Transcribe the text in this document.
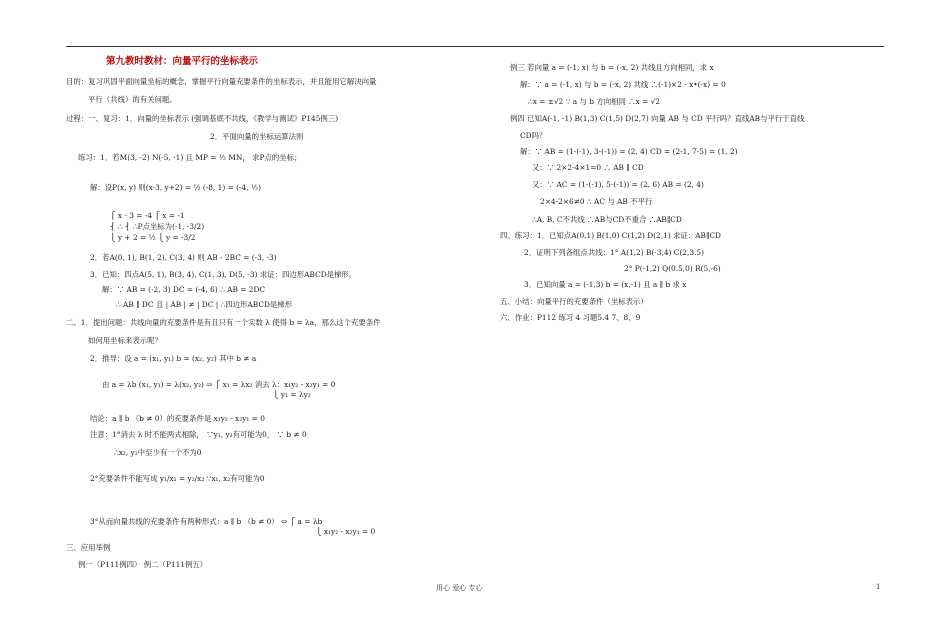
第九教时教材：向量平行的坐标表示
目的：复习巩固平面向量坐标的概念，掌握平行向量充要条件的坐标表示，并且能用它解决向量
平行（共线）的有关问题。
过程：一、复习：1．向量的坐标表示 (强调基底不共线，《教学与测试》P145例三)
2．平面向量的坐标运算法则
练习：1．若M(3, -2) N(-5, -1) 且 MP = ½ MN， 求P点的坐标；
解：设P(x, y) 则(x-3, y+2) = ½ (-8, 1) = (-4, ½)
⎧ x - 3 = -4 ⎧ x = -1
⎨ ∴ ⎨ ∴P点坐标为(-1, -3/2)
⎩ y + 2 = ½ ⎩ y = -3/2
2．若A(0, 1), B(1, 2), C(3, 4) 则 AB - 2BC = (-3, -3)
3．已知：四点A(5, 1), B(3, 4), C(1, 3), D(5, -3) 求证：四边形ABCD是梯形。
解：∵ AB = (-2, 3) DC = (-4, 6) ∴ AB = 2DC
∴ AB ∥ DC 且 | AB | ≠ | DC | ∴四边形ABCD是梯形
二、1．提出问题：共线向量的充要条件是有且只有一个实数 λ 使得 b = λa，那么这个充要条件
如何用坐标来表示呢？
2．推导：设 a = (x₁, y₁) b = (x₂, y₂) 其中 b ≠ a
由 a = λb (x₁, y₁) = λ(x₂, y₂) ⇒ ⎧ x₁ = λx₂ 消去 λ：x₁y₂ - x₂y₁ = 0
⎩ y₁ = λy₂
结论：a ∥ b （b ≠ 0）的充要条件是 x₁y₂ - x₂y₁ = 0
注意：1°消去 λ 时不能两式相除， ∵y₁, y₂有可能为0， ∵ b ≠ 0
∴x₂, y₂中至少有一个不为0
2°充要条件不能写成 y₁/x₁ = y₂/x₂ ∵x₁, x₂有可能为0
3°从而向量共线的充要条件有两种形式：a ∥ b （b ≠ 0） ⇔ ⎧ a = λb
⎩ x₁y₂ - x₂y₁ = 0
三、应用举例
例一（P111例四） 例二（P111例五）
例三 若向量 a = (-1, x) 与 b = (-x, 2) 共线且方向相同，求 x
解：∵ a = (-1, x) 与 b = (-x, 2) 共线 ∴(-1)×2 - x•(-x) = 0
∴x = ±√2 ∵ a 与 b 方向相同 ∴x = √2
例四 已知A(-1, -1) B(1,3) C(1,5) D(2,7) 向量 AB 与 CD 平行吗？直线AB与平行于直线
CD吗？
解：∵ AB = (1-(-1), 3-(-1)) = (2, 4) CD = (2-1, 7-5) = (1, 2)
又：∵ 2×2-4×1=0 ∴ AB ∥ CD
又：∵ AC = (1-(-1), 5-(-1)) = (2, 6) AB = (2, 4)
2×4-2×6≠0 ∴ AC 与 AB 不平行
∴A, B, C不共线 ∴AB与CD不重合 ∴AB∥CD
四、练习：1．已知点A(0,1) B(1,0) C(1,2) D(2,1) 求证：AB∥CD
2．证明下列各组点共线：1° A(1,2) B(-3,4) C(2,3.5)
2° P(-1,2) Q(0.5,0) R(5,-6)
3．已知向量 a = (-1,3) b = (x,-1) 且 a ∥ b 求 x
五、小结：向量平行的充要条件（坐标表示）
六、作业：P112 练习 4 习题5.4 7、8、9
用心 爱心 专心	1
